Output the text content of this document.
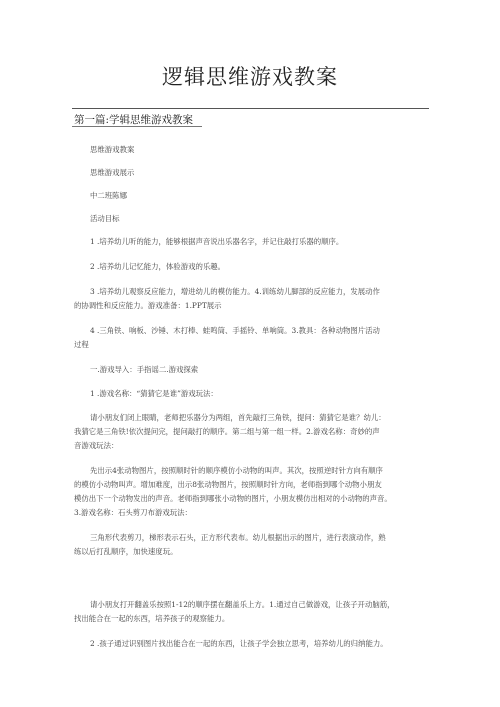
逻辑思维游戏教案
第一篇:学辑思维游戏教案
思维游戏教案
思维游戏展示
中二班陈娜
活动目标
1 .培养幼儿听的能力，能够根据声音说出乐器名字，并记住敲打乐器的顺序。
2 .培养幼儿记忆能力，体验游戏的乐趣。
3 .培养幼儿观察反应能力，增进幼儿的模仿能力。4.训练幼儿脚部的反应能力，发展动作
的协调性和反应能力。游戏准备：1.PPT展示
4 .三角铁、响板、沙锤、木打棒、蛙鸣筒、手摇铃、单响筒。3.教具：各种动物图片活动
过程
一.游戏导入：手指谣二.游戏探索
1 .游戏名称：“猜猜它是谁”游戏玩法：
请小朋友们闭上眼睛，老师把乐器分为两组，首先敲打三角铁，提问：猜猜它是谁？幼儿：
我猜它是三角铁!依次提问完，提问敲打的顺序。第二组与第一组一样。2.游戏名称：奇妙的声
音游戏玩法：
先出示4张动物图片，按照顺时针的顺序模仿小动物的叫声。其次，按照逆时针方向有顺序
的模仿小动物叫声。增加难度，出示8张动物图片，按照顺时针方向，老师指到哪个动物小朋友
模仿出下一个动物发出的声音。老师指到哪张小动物的图片，小朋友模仿出相对的小动物的声音。
3.游戏名称：石头剪刀布游戏玩法：
三角形代表剪刀，梯形表示石头，正方形代表布。幼儿根据出示的图片，进行表演动作，熟
练以后打乱顺序，加快速度玩。
请小朋友打开翻盖乐按照1-12的顺序摆在翻盖乐上方。1.通过自己做游戏，让孩子开动脑筋，
找出能合在一起的东西，培养孩子的观察能力。
2 .孩子通过识别图片找出能合在一起的东西，让孩子学会独立思考，培养幼儿的归纳能力。
